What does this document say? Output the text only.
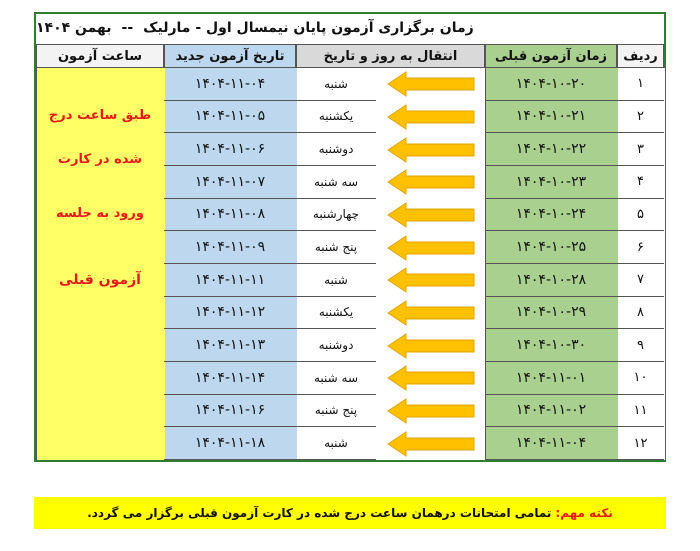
زمان برگزاری آزمون پایان نیمسال اول - مارلیک
--
بهمن ۱۴۰۴
ردیف
زمان آزمون قبلی
انتقال به روز و تاریخ
تاریخ آزمون جدید
ساعت آزمون
۱
۱۴۰۴-۱۰-۲۰
شنبه
۱۴۰۴-۱۱-۰۴
۲
۱۴۰۴-۱۰-۲۱
یکشنبه
۱۴۰۴-۱۱-۰۵
۳
۱۴۰۴-۱۰-۲۲
دوشنبه
۱۴۰۴-۱۱-۰۶
۴
۱۴۰۴-۱۰-۲۳
سه شنبه
۱۴۰۴-۱۱-۰۷
۵
۱۴۰۴-۱۰-۲۴
چهارشنبه
۱۴۰۴-۱۱-۰۸
۶
۱۴۰۴-۱۰-۲۵
پنج شنبه
۱۴۰۴-۱۱-۰۹
۷
۱۴۰۴-۱۰-۲۸
شنبه
۱۴۰۴-۱۱-۱۱
۸
۱۴۰۴-۱۰-۲۹
یکشنبه
۱۴۰۴-۱۱-۱۲
۹
۱۴۰۴-۱۰-۳۰
دوشنبه
۱۴۰۴-۱۱-۱۳
۱۰
۱۴۰۴-۱۱-۰۱
سه شنبه
۱۴۰۴-۱۱-۱۴
۱۱
۱۴۰۴-۱۱-۰۲
پنج شنبه
۱۴۰۴-۱۱-۱۶
۱۲
۱۴۰۴-۱۱-۰۴
شنبه
۱۴۰۴-۱۱-۱۸
طبق ساعت درج
شده در کارت
ورود به جلسه
آزمون قبلی
نکته مهم:
تمامی امتحانات درهمان ساعت درج شده در کارت آزمون قبلی برگزار می گردد.
